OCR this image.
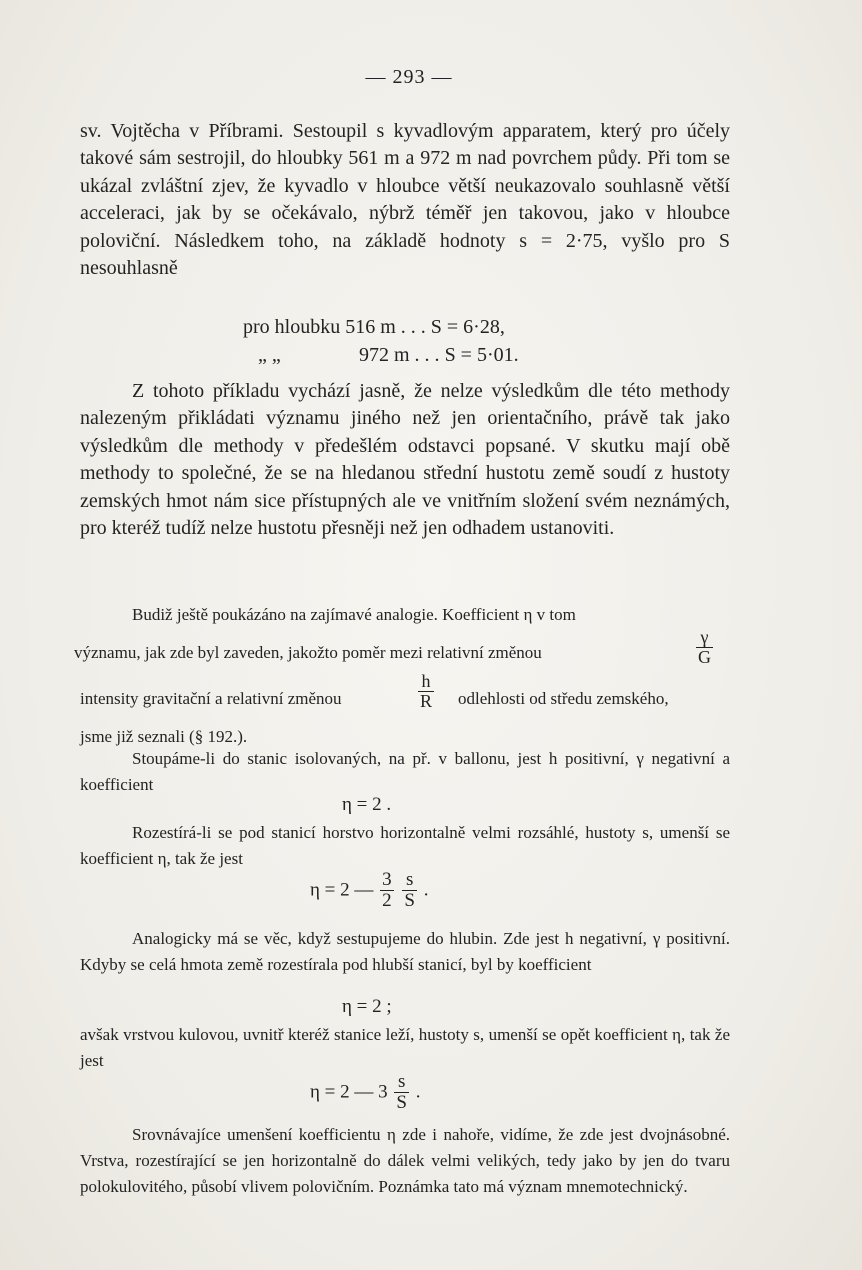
— 293 —

sv. Vojtěcha v Příbrami. Sestoupil s kyvadlovým apparatem, který pro účely takové sám sestrojil, do hloubky 561 m a 972 m nad povrchem půdy. Při tom se ukázal zvláštní zjev, že kyvadlo v hloubce větší neukazovalo souhlasně větší acceleraci, jak by se očekávalo, nýbrž téměř jen takovou, jako v hloubce poloviční. Následkem toho, na základě hodnoty s = 2·75, vyšlo pro S nesouhlasně

pro hloubku 516 m . . . S = 6·28,
„ „	972 m . . . S = 5·01.

Z tohoto příkladu vychází jasně, že nelze výsledkům dle této methody nalezeným přikládati významu jiného než jen orientačního, právě tak jako výsledkům dle methody v předešlém odstavci popsané. V skutku mají obě methody to společné, že se na hledanou střední hustotu země soudí z hustoty zemských hmot nám sice přístupných ale ve vnitřním složení svém neznámých, pro kteréž tudíž nelze hustotu přesněji než jen odhadem ustanoviti.

Budiž ještě poukázáno na zajímavé analogie. Koefficient η v tom

významu, jak zde byl zaveden, jakožto poměr mezi relativní změnou	$\frac{\gamma}{G}$
intensity gravitační a relativní změnou	$\frac{h}{R}$ odlehlosti od středu zemského,

jsme již seznali (§ 192.).

Stoupáme-li do stanic isolovaných, na př. v ballonu, jest h positivní, γ negativní a koefficient

η = 2 .

Rozestírá-li se pod stanicí horstvo horizontalně velmi rozsáhlé, hustoty s, umenší se koefficient η, tak že jest

η = 2 — $\frac{3}{2}$
$\frac{s}{S}$ .

Analogicky má se věc, když sestupujeme do hlubin. Zde jest h negativní, γ positivní. Kdyby se celá hmota země rozestírala pod hlubší stanicí, byl by koefficient

η = 2 ;

avšak vrstvou kulovou, uvnitř kteréž stanice leží, hustoty s, umenší se opět koefficient η, tak že jest

η = 2 — $3 \frac{s}{S}$ .

Srovnávajíce umenšení koefficientu η zde i nahoře, vidíme, že zde jest dvojnásobné. Vrstva, rozestírající se jen horizontalně do dálek velmi velikých, tedy jako by jen do tvaru polokulovitého, působí vlivem polovičním. Poznámka tato má význam mnemotechnický.
